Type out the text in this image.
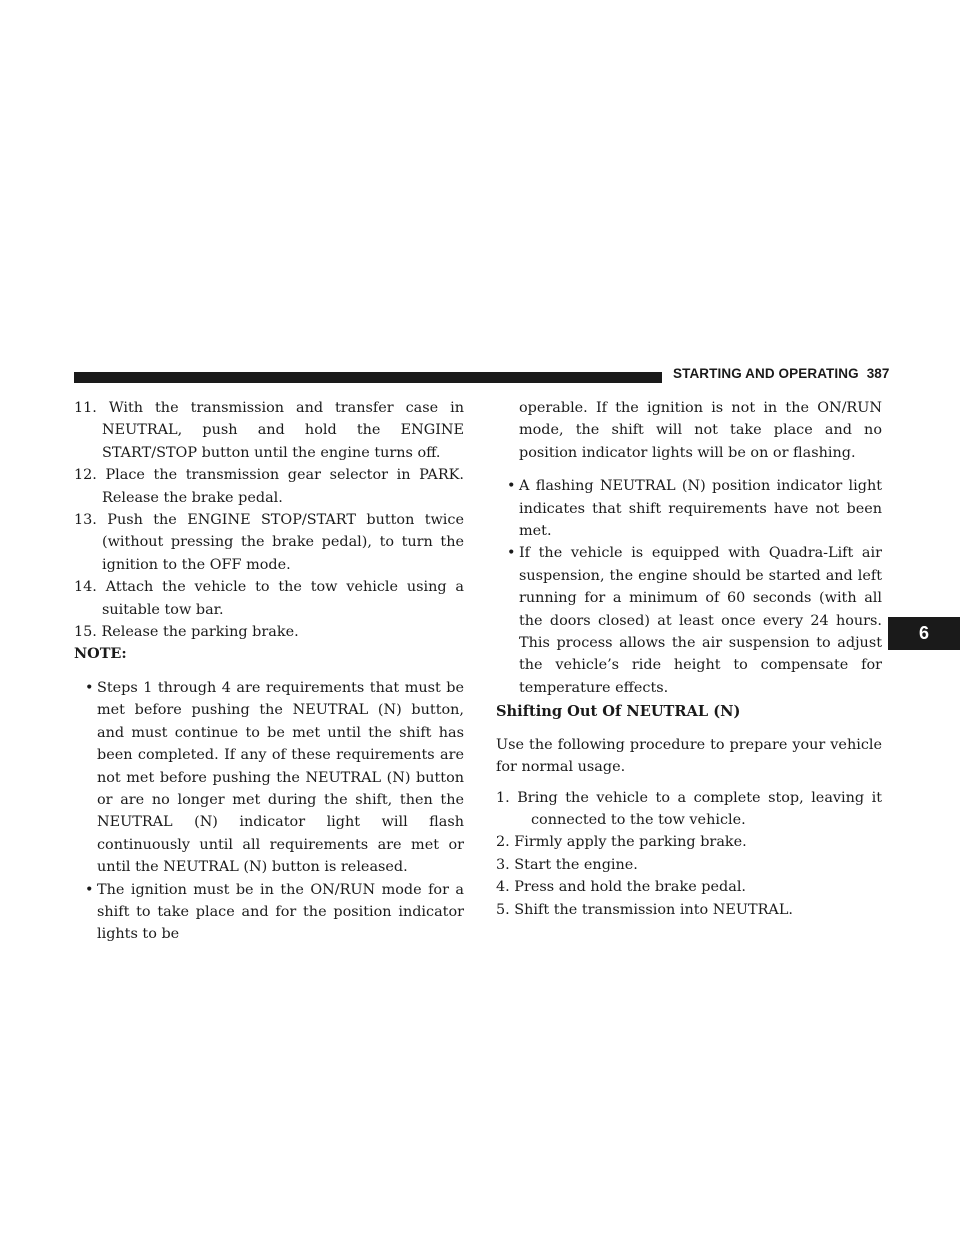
STARTING AND OPERATING 387
6

11. With the transmission and transfer case in NEUTRAL, push and hold the ENGINE START/STOP button until the engine turns off.

12. Place the transmission gear selector in PARK. Release the brake pedal.

13. Push the ENGINE STOP/START button twice (without pressing the brake pedal), to turn the ignition to the OFF mode.

14. Attach the vehicle to the tow vehicle using a suitable tow bar.

15. Release the parking brake.

NOTE:

• Steps 1 through 4 are requirements that must be met before pushing the NEUTRAL (N) button, and must continue to be met until the shift has been completed. If any of these requirements are not met before pushing the NEUTRAL (N) button or are no longer met during the shift, then the NEUTRAL (N) indicator light will flash continuously until all requirements are met or until the NEUTRAL (N) button is released.

• The ignition must be in the ON/RUN mode for a shift to take place and for the position indicator lights to be

operable. If the ignition is not in the ON/RUN mode, the shift will not take place and no position indicator lights will be on or flashing.

• A flashing NEUTRAL (N) position indicator light indicates that shift requirements have not been met.

• If the vehicle is equipped with Quadra-Lift air suspension, the engine should be started and left running for a minimum of 60 seconds (with all the doors closed) at least once every 24 hours. This process allows the air suspension to adjust the vehicle’s ride height to compensate for temperature effects.

Shifting Out Of NEUTRAL (N)

Use the following procedure to prepare your vehicle for normal usage.

1. Bring the vehicle to a complete stop, leaving it connected to the tow vehicle.

2. Firmly apply the parking brake.

3. Start the engine.

4. Press and hold the brake pedal.

5. Shift the transmission into NEUTRAL.
